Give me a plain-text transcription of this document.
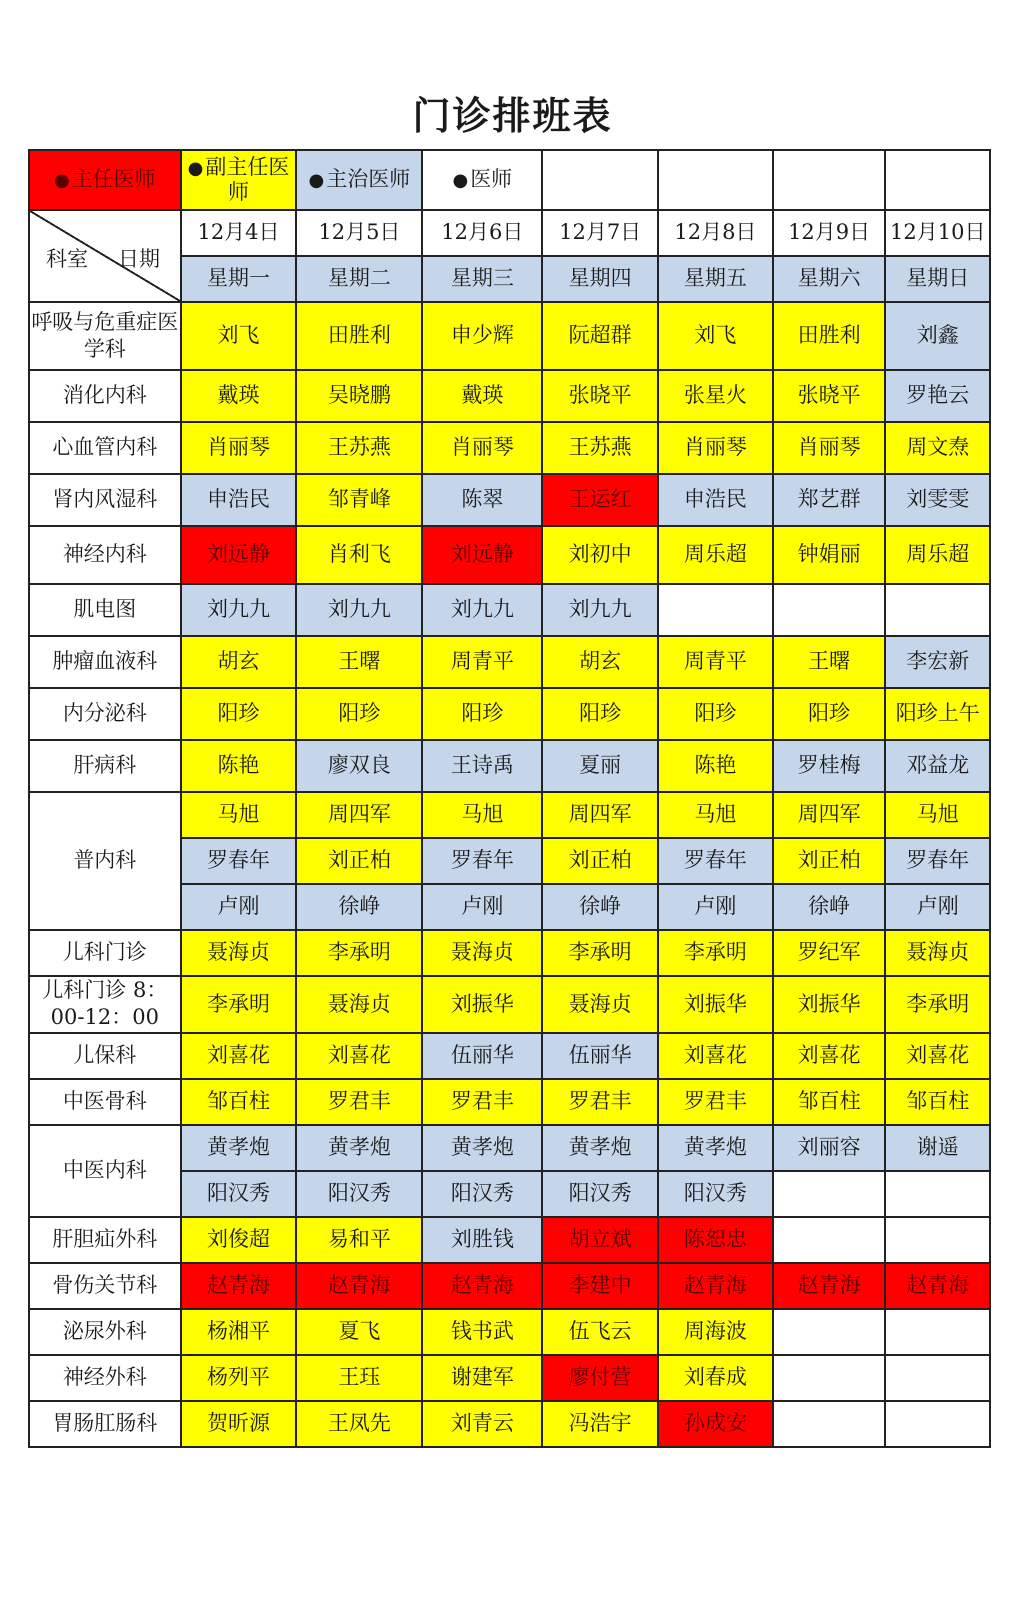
门诊排班表
●主任医师	●副主任医师	●主治医师	●医师				

科室 日期	12月4日	12月5日	12月6日	12月7日	12月8日	12月9日	12月10日
	星期一	星期二	星期三	星期四	星期五	星期六	星期日
呼吸与危重症医学科	刘飞	田胜利	申少辉	阮超群	刘飞	田胜利	刘鑫
消化内科	戴瑛	吴晓鹏	戴瑛	张晓平	张星火	张晓平	罗艳云
心血管内科	肖丽琴	王苏燕	肖丽琴	王苏燕	肖丽琴	肖丽琴	周文焘
肾内风湿科	申浩民	邹青峰	陈翠	王运红	申浩民	郑艺群	刘雯雯
神经内科	刘远静	肖利飞	刘远静	刘初中	周乐超	钟娟丽	周乐超
肌电图	刘九九	刘九九	刘九九	刘九九			
肿瘤血液科	胡玄	王曙	周青平	胡玄	周青平	王曙	李宏新
内分泌科	阳珍	阳珍	阳珍	阳珍	阳珍	阳珍	阳珍上午
肝病科	陈艳	廖双良	王诗禹	夏丽	陈艳	罗桂梅	邓益龙
普内科	马旭	周四军	马旭	周四军	马旭	周四军	马旭
	罗春年	刘正柏	罗春年	刘正柏	罗春年	刘正柏	罗春年
	卢刚	徐峥	卢刚	徐峥	卢刚	徐峥	卢刚
儿科门诊	聂海贞	李承明	聂海贞	李承明	李承明	罗纪军	聂海贞
儿科门诊 8：00-12：00	李承明	聂海贞	刘振华	聂海贞	刘振华	刘振华	李承明
儿保科	刘喜花	刘喜花	伍丽华	伍丽华	刘喜花	刘喜花	刘喜花
中医骨科	邹百柱	罗君丰	罗君丰	罗君丰	罗君丰	邹百柱	邹百柱
中医内科	黄孝炮	黄孝炮	黄孝炮	黄孝炮	黄孝炮	刘丽容	谢遥
	阳汉秀	阳汉秀	阳汉秀	阳汉秀	阳汉秀		
肝胆疝外科	刘俊超	易和平	刘胜钱	胡立斌	陈恕忠		
骨伤关节科	赵青海	赵青海	赵青海	李建中	赵青海	赵青海	赵青海
泌尿外科	杨湘平	夏飞	钱书武	伍飞云	周海波		
神经外科	杨列平	王珏	谢建军	廖付营	刘春成		
胃肠肛肠科	贺昕源	王凤先	刘青云	冯浩宇	孙成安		
